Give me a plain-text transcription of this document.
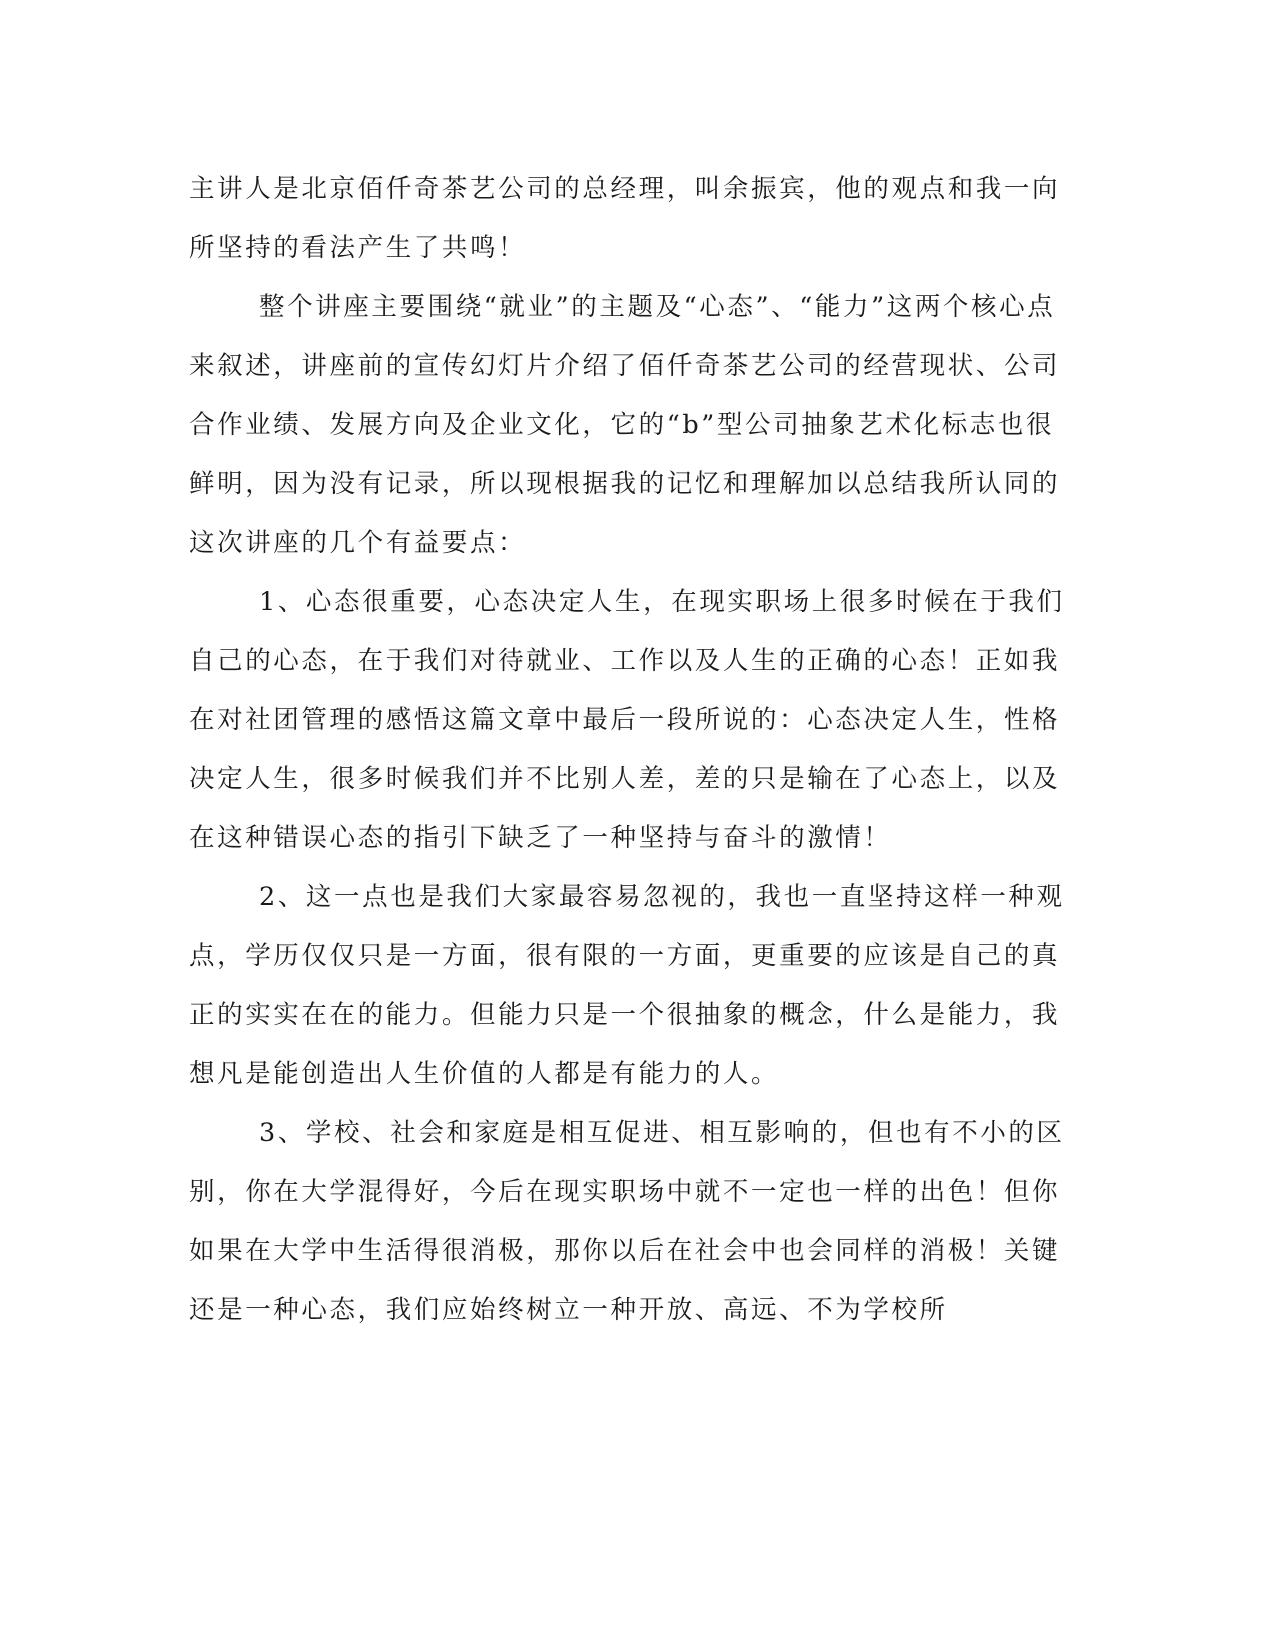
主讲人是北京佰仟奇茶艺公司的总经理，叫余振宾，他的观点和我一向所坚持的看法产生了共鸣！

整个讲座主要围绕“就业”的主题及“心态”、“能力”这两个核心点来叙述，讲座前的宣传幻灯片介绍了佰仟奇茶艺公司的经营现状、公司合作业绩、发展方向及企业文化，它的“b”型公司抽象艺术化标志也很鲜明，因为没有记录，所以现根据我的记忆和理解加以总结我所认同的这次讲座的几个有益要点：

1、心态很重要，心态决定人生，在现实职场上很多时候在于我们自己的心态，在于我们对待就业、工作以及人生的正确的心态！正如我在对社团管理的感悟这篇文章中最后一段所说的：心态决定人生，性格决定人生，很多时候我们并不比别人差，差的只是输在了心态上，以及在这种错误心态的指引下缺乏了一种坚持与奋斗的激情！

2、这一点也是我们大家最容易忽视的，我也一直坚持这样一种观点，学历仅仅只是一方面，很有限的一方面，更重要的应该是自己的真正的实实在在的能力。但能力只是一个很抽象的概念，什么是能力，我想凡是能创造出人生价值的人都是有能力的人。

3、学校、社会和家庭是相互促进、相互影响的，但也有不小的区别，你在大学混得好，今后在现实职场中就不一定也一样的出色！但你如果在大学中生活得很消极，那你以后在社会中也会同样的消极！关键还是一种心态，我们应始终树立一种开放、高远、不为学校所
